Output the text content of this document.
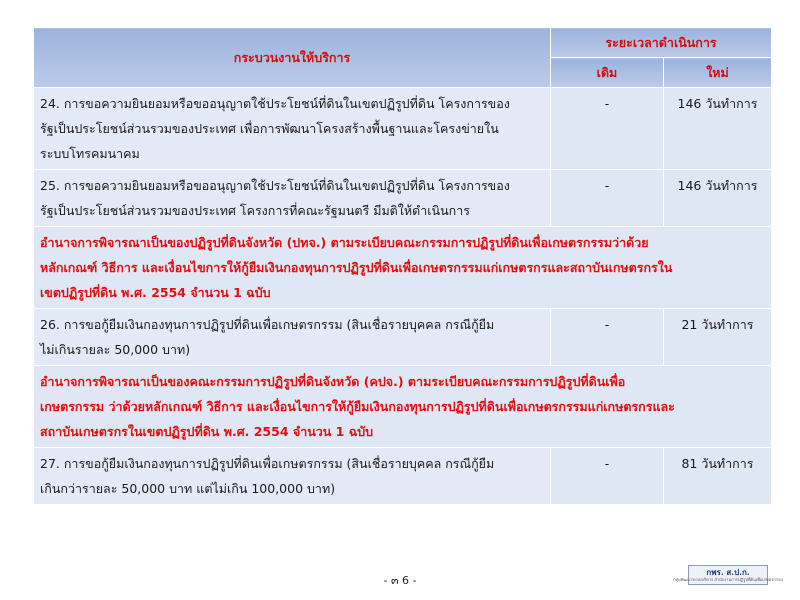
กระบวนงานให้บริการ	ระยะเวลาดำเนินการ	
	เดิม	ใหม่

24. การขอความยินยอมหรือขออนุญาตใช้ประโยชน์ที่ดินในเขตปฏิรูปที่ดิน โครงการของ
รัฐเป็นประโยชน์ส่วนรวมของประเทศ เพื่อการพัฒนาโครงสร้างพื้นฐานและโครงข่ายใน
ระบบโทรคมนาคม	-	146 วันทำการ

25. การขอความยินยอมหรือขออนุญาตใช้ประโยชน์ที่ดินในเขตปฏิรูปที่ดิน โครงการของ
รัฐเป็นประโยชน์ส่วนรวมของประเทศ โครงการที่คณะรัฐมนตรี มีมติให้ดำเนินการ	-	146 วันทำการ

อำนาจการพิจารณาเป็นของปฏิรูปที่ดินจังหวัด (ปทจ.) ตามระเบียบคณะกรรมการปฏิรูปที่ดินเพื่อเกษตรกรรมว่าด้วย
หลักเกณฑ์ วิธีการ และเงื่อนไขการให้กู้ยืมเงินกองทุนการปฏิรูปที่ดินเพื่อเกษตรกรรมแก่เกษตรกรและสถาบันเกษตรกรใน
เขตปฏิรูปที่ดิน พ.ศ. 2554 จำนวน 1 ฉบับ		

26. การขอกู้ยืมเงินกองทุนการปฏิรูปที่ดินเพื่อเกษตรกรรม (สินเชื่อรายบุคคล กรณีกู้ยืม
ไม่เกินรายละ 50,000 บาท)	-	21 วันทำการ

อำนาจการพิจารณาเป็นของคณะกรรมการปฏิรูปที่ดินจังหวัด (คปจ.) ตามระเบียบคณะกรรมการปฏิรูปที่ดินเพื่อ
เกษตรกรรม ว่าด้วยหลักเกณฑ์ วิธีการ และเงื่อนไขการให้กู้ยืมเงินกองทุนการปฏิรูปที่ดินเพื่อเกษตรกรรมแก่เกษตรกรและ
สถาบันเกษตรกรในเขตปฏิรูปที่ดิน พ.ศ. 2554 จำนวน 1 ฉบับ		

27. การขอกู้ยืมเงินกองทุนการปฏิรูปที่ดินเพื่อเกษตรกรรม (สินเชื่อรายบุคคล กรณีกู้ยืม
เกินกว่ารายละ 50,000 บาท แต่ไม่เกิน 100,000 บาท)	-	81 วันทำการ
- ๓ 6 -
กพร. ส.ป.ก.
กลุ่มพัฒนาระบบบริหาร สำนักงานการปฏิรูปที่ดินเพื่อเกษตรกรรม
